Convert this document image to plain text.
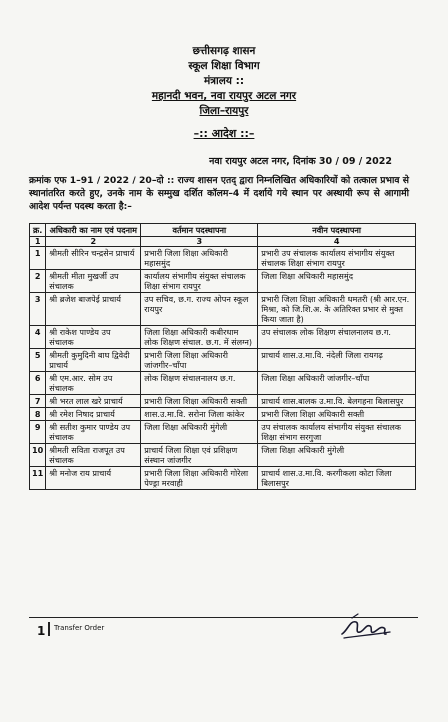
छत्तीसगढ़ शासन
स्कूल शिक्षा विभाग
मंत्रालय ::
महानदी भवन, नवा रायपुर अटल नगर
जिला–रायपुर
–:: आदेश ::–
नवा रायपुर अटल नगर, दिनांक 30 / 09 / 2022
क्रमांक एफ 1–91 / 2022 / 20–दो :: राज्य शासन एतद् द्वारा निम्नलिखित अधिकारियों को तत्काल प्रभाव से स्थानांतरित करते हुए, उनके नाम के सम्मुख दर्शित कॉलम–4 में दर्शाये गये स्थान पर अस्थायी रूप से आगामी आदेश पर्यन्त पदस्थ करता है:–
क्र.	अधिकारी का नाम एवं पदनाम	वर्तमान पदस्थापना	नवीन पदस्थापना
1	2	3	4
1	श्रीमती सीरिन चन्द्रसेन प्राचार्य	प्रभारी जिला शिक्षा अधिकारी महासमुंद	प्रभारी उप संचालक कार्यालय संभागीय संयुक्त संचालक शिक्षा संभाग रायपुर
2	श्रीमती मीता मुखर्जी उप संचालक	कार्यालय संभागीय संयुक्त संचालक शिक्षा संभाग रायपुर	जिला शिक्षा अधिकारी महासमुंद
3	श्री ब्रजेश बाजपेई प्राचार्य	उप सचिव, छ.ग. राज्य ओपन स्कूल रायपुर	प्रभारी जिला शिक्षा अधिकारी धमतरी (श्री आर.एन. मिश्रा, को जि.शि.अ. के अतिरिक्त प्रभार से मुक्त किया जाता है)
4	श्री राकेश पाण्डेय उप संचालक	जिला शिक्षा अधिकारी कबीरधाम लोक शिक्षण संचाल. छ.ग. में संलग्न)	उप संचालक लोक शिक्षण संचालनालय छ.ग.
5	श्रीमती कुमुदिनी बाघ द्विवेदी प्राचार्य	प्रभारी जिला शिक्षा अधिकारी जांजगीर–चाँपा	प्राचार्य शास.उ.मा.वि. नंदेली जिला रायगढ़
6	श्री एम.आर. सोम उप संचालक	लोक शिक्षण संचालनालय छ.ग.	जिला शिक्षा अधिकारी जांजगीर–चाँपा
7	श्री भरत लाल खरे प्राचार्य	प्रभारी जिला शिक्षा अधिकारी सक्ती	प्राचार्य शास.बालक उ.मा.वि. बेलगहना बिलासपुर
8	श्री रमेश निषाद प्राचार्य	शास.उ.मा.वि. सरोना जिला कांकेर	प्रभारी जिला शिक्षा अधिकारी सक्ती
9	श्री सतीश कुमार पाण्डेय उप संचालक	जिला शिक्षा अधिकारी मुंगेली	उप संचालक कार्यालय संभागीय संयुक्त संचालक शिक्षा संभाग सरगुजा
10	श्रीमती सविता राजपूत उप संचालक	प्राचार्य जिला शिक्षा एवं प्रशिक्षण संस्थान जांजगीर	जिला शिक्षा अधिकारी मुंगेली
11	श्री मनोज राय प्राचार्य	प्रभारी जिला शिक्षा अधिकारी गोरेला पेण्ड्रा मरवाही	प्राचार्य शास.उ.मा.वि. करगीकला कोटा जिला बिलासपुर
1 Transfer Order
